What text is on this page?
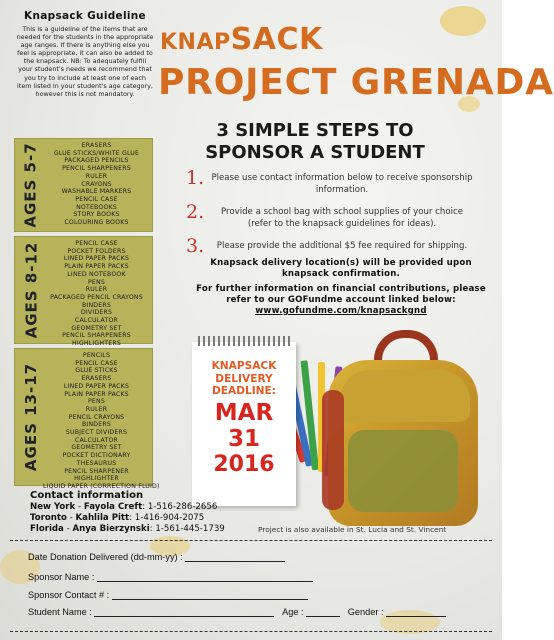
Knapsack Guideline

This is a guideline of the items that are needed for the students in the appropriate age ranges. If there is anything else you feel is appropriate, it can also be added to the knapsack. NB: To adequately fulfill your student's needs we recommend that you try to include at least one of each item listed in your student's age category, however this is not mandatory.

KNAPSACK
PROJECT GRENADA
3 SIMPLE STEPS TO
SPONSOR A STUDENT
1. Please use contact information below to receive sponsorship information.
2.	Provide a school bag with school supplies of your choice (refer to the knapsack guidelines for ideas).
3.	Please provide the additional $5 fee required for shipping.
Knapsack delivery location(s) will be provided upon knapsack confirmation.
For further information on financial contributions, please refer to our GOFundme account linked below:
www.gofundme.com/knapsackgnd
AGES 5-7	ERASERS
GLUE STICKS/WHITE GLUE
PACKAGED PENCILS
PENCIL SHARPENERS
RULER
CRAYONS
WASHABLE MARKERS
PENCIL CASE
NOTEBOOKS
STORY BOOKS
COLOURING BOOKS
AGES 8-12	PENCIL CASE
POCKET FOLDERS
LINED PAPER PACKS
PLAIN PAPER PACKS
LINED NOTEBOOK
PENS
RULER
PACKAGED PENCIL CRAYONS
BINDERS
DIVIDERS
CALCULATOR
GEOMETRY SET
PENCIL SHARPENERS
HIGHLIGHTERS
AGES 13-17
PENCILS
PENCIL CASE
GLUE STICKS
ERASERS
LINED PAPER PACKS
PLAIN PAPER PACKS
PENS
RULER
PENCIL CRAYONS
BINDERS
SUBJECT DIVIDERS
CALCULATOR
GEOMETRY SET
POCKET DICTIONARY
THESAURUS
PENCIL SHARPENER
HIGHLIGHTER
LIQUID PAPER (CORRECTION FLUID)
KNAPSACK
DELIVERY
DEADLINE:
MAR
31
2016
Contact information

New York - Fayola Creft: 1-516-286-2656

Toronto - Kahlila Pitt: 1-416-904-2075

Florida - Anya Bierzynski: 1-561-445-1739	Project is also available in St. Lucia and St. Vincent
Date Donation Delivered (dd-mm-yy) :
Sponsor Name :
Sponsor Contact # :
Student Name :	Age :	Gender :
